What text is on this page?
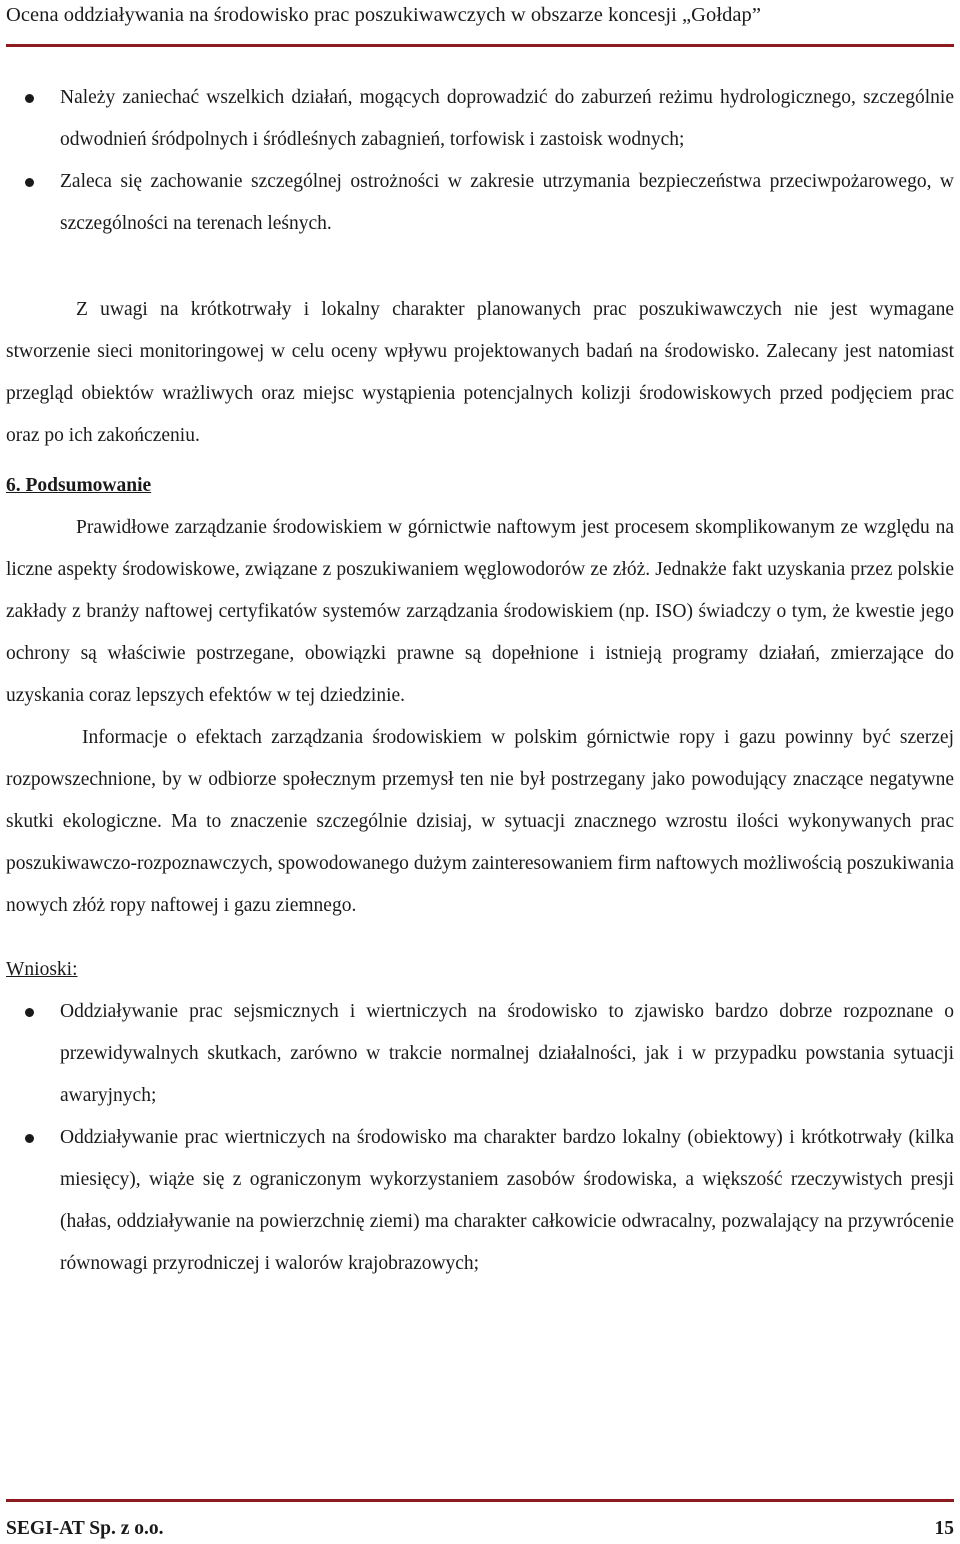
Ocena oddziaływania na środowisko prac poszukiwawczych w obszarze koncesji „Gołdap”
Należy zaniechać wszelkich działań, mogących doprowadzić do zaburzeń reżimu hydrologicznego, szczególnie odwodnień śródpolnych i śródleśnych zabagnień, torfowisk i zastoisk wodnych;
Zaleca się zachowanie szczególnej ostrożności w zakresie utrzymania bezpieczeństwa przeciwpożarowego, w szczególności na terenach leśnych.

Z uwagi na krótkotrwały i lokalny charakter planowanych prac poszukiwawczych nie jest wymagane stworzenie sieci monitoringowej w celu oceny wpływu projektowanych badań na środowisko. Zalecany jest natomiast przegląd obiektów wrażliwych oraz miejsc wystąpienia potencjalnych kolizji środowiskowych przed podjęciem prac oraz po ich zakończeniu.

6. Podsumowanie

Prawidłowe zarządzanie środowiskiem w górnictwie naftowym jest procesem skomplikowanym ze względu na liczne aspekty środowiskowe, związane z poszukiwaniem węglowodorów ze złóż. Jednakże fakt uzyskania przez polskie zakłady z branży naftowej certyfikatów systemów zarządzania środowiskiem (np. ISO) świadczy o tym, że kwestie jego ochrony są właściwie postrzegane, obowiązki prawne są dopełnione i istnieją programy działań, zmierzające do uzyskania coraz lepszych efektów w tej dziedzinie.

Informacje o efektach zarządzania środowiskiem w polskim górnictwie ropy i gazu powinny być szerzej rozpowszechnione, by w odbiorze społecznym przemysł ten nie był postrzegany jako powodujący znaczące negatywne skutki ekologiczne. Ma to znaczenie szczególnie dzisiaj, w sytuacji znacznego wzrostu ilości wykonywanych prac poszukiwawczo-rozpoznawczych, spowodowanego dużym zainteresowaniem firm naftowych możliwością poszukiwania nowych złóż ropy naftowej i gazu ziemnego.

Wnioski:

Oddziaływanie prac sejsmicznych i wiertniczych na środowisko to zjawisko bardzo dobrze rozpoznane o przewidywalnych skutkach, zarówno w trakcie normalnej działalności, jak i w przypadku powstania sytuacji awaryjnych;
Oddziaływanie prac wiertniczych na środowisko ma charakter bardzo lokalny (obiektowy) i krótkotrwały (kilka miesięcy), wiąże się z ograniczonym wykorzystaniem zasobów środowiska, a większość rzeczywistych presji (hałas, oddziaływanie na powierzchnię ziemi) ma charakter całkowicie odwracalny, pozwalający na przywrócenie równowagi przyrodniczej i walorów krajobrazowych;
SEGI-AT Sp. z o.o.	15
